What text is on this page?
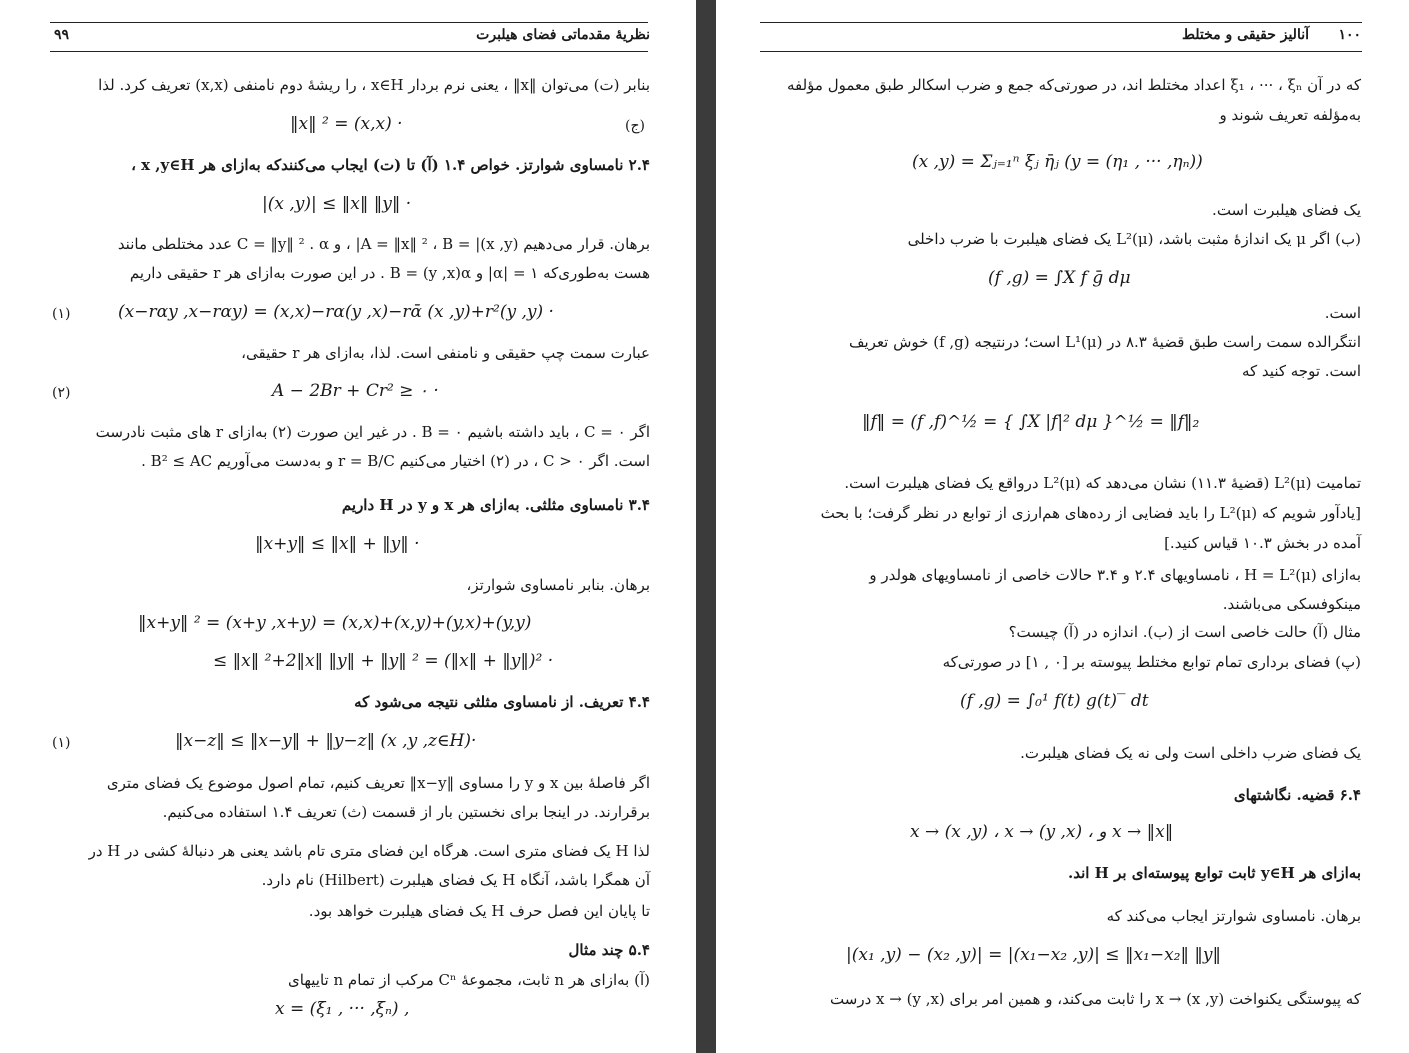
نظریهٔ مقدماتی فضای هیلبرت
۹۹
بنابر (ت) می‌توان ‖x‖ ، یعنی نرم بردار x∈H ، را ریشهٔ دوم نامنفی (x,x) تعریف کرد. لذا
‖x‖ ² = (x,x) ·	(ج)
۲.۴ نامساوی شوارتز. خواص ۱.۴ (آ) تا (ت) ایجاب می‌کنندکه به‌ازای هر x ,y∈H ،
|(x ,y)| ≤ ‖x‖ ‖y‖ ·
برهان. قرار می‌دهیم A = ‖x‖ ² ، B = |(x ,y)| ، و C = ‖y‖ ² . α عدد مختلطی مانند
هست به‌طوری‌که ۱ = |α| و B = (y ,x)α . در این صورت به‌ازای هر r حقیقی داریم
(x−rαy ,x−rαy) = (x,x)−rα(y ,x)−rᾱ (x ,y)+r²(y ,y) ·
(۱)
عبارت سمت چپ حقیقی و نامنفی است. لذا، به‌ازای هر r حقیقی،
A − 2Br + Cr² ≥ ۰ ·
(۲)
اگر C = ۰ ، باید داشته باشیم B = ۰ . در غیر این صورت (۲) به‌ازای r های مثبت نادرست
است. اگر C > ۰ ، در (۲) اختیار می‌کنیم r = B/C و به‌دست می‌آوریم B² ≤ AC .
۳.۴ نامساوی مثلثی. به‌ازای هر x و y در H داریم
‖x+y‖ ≤ ‖x‖ + ‖y‖ ·
برهان. بنابر نامساوی شوارتز،
‖x+y‖ ² = (x+y ,x+y) = (x,x)+(x,y)+(y,x)+(y,y)
≤ ‖x‖ ²+2‖x‖ ‖y‖ + ‖y‖ ² = (‖x‖ + ‖y‖)² ·
۴.۴ تعریف. از نامساوی مثلثی نتیجه می‌شود که
‖x−z‖ ≤ ‖x−y‖ + ‖y−z‖ (x ,y ,z∈H)·
(۱)
اگر فاصلهٔ بین x و y را مساوی ‖x−y‖ تعریف کنیم، تمام اصول موضوع یک فضای متری
برقرارند. در اینجا برای نخستین بار از قسمت (ث) تعریف ۱.۴ استفاده می‌کنیم.
لذا H یک فضای متری است. هرگاه این فضای متری تام باشد یعنی هر دنبالهٔ کشی در H در
آن همگرا باشد، آنگاه H یک فضای هیلبرت (Hilbert) نام دارد.
تا پایان این فصل حرف H یک فضای هیلبرت خواهد بود.
۵.۴ چند مثال
(آ) به‌ازای هر n ثابت، مجموعهٔ Cⁿ مرکب از تمام n تاییهای
x = (ξ₁ , ··· ,ξₙ) ,
۱۰۰
آنالیز حقیقی و مختلط
که در آن ξ₁ ، ··· ، ξₙ اعداد مختلط اند، در صورتی‌که جمع و ضرب اسکالر طبق معمول مؤلفه
به‌مؤلفه تعریف شوند و
(x ,y) = Σⱼ₌₁ⁿ ξⱼ η̄ⱼ (y = (η₁ , ··· ,ηₙ))
یک فضای هیلبرت است.
(ب) اگر μ یک اندازهٔ مثبت باشد، L²(μ) یک فضای هیلبرت با ضرب داخلی
(f ,g) = ∫X f ḡ dμ
است.
انتگرالده سمت راست طبق قضیهٔ ۸.۳ در L¹(μ) است؛ درنتیجه (f ,g) خوش تعریف
است. توجه کنید که
‖f‖ = (f ,f)^½ = { ∫X |f|² dμ }^½ = ‖f‖₂
تمامیت L²(μ) (قضیهٔ ۱۱.۳) نشان می‌دهد که L²(μ) درواقع یک فضای هیلبرت است.
[یادآور شویم که L²(μ) را باید فضایی از رده‌های هم‌ارزی از توابع در نظر گرفت؛ با بحث
آمده در بخش ۱۰.۳ قیاس کنید.]
به‌ازای H = L²(μ) ، نامساویهای ۲.۴ و ۳.۴ حالات خاصی از نامساویهای هولدر و
مینکوفسکی می‌باشند.
مثال (آ) حالت خاصی است از (ب). اندازه در (آ) چیست؟
(پ) فضای برداری تمام توابع مختلط پیوسته بر [۰ , ۱] در صورتی‌که
(f ,g) = ∫₀¹ f(t) g(t)‾ dt
یک فضای ضرب داخلی است ولی نه یک فضای هیلبرت.
۶.۴ قضیه. نگاشتهای
x → (x ,y) ، x → (y ,x) ، و x → ‖x‖
به‌ازای هر y∈H ثابت توابع پیوسته‌ای بر H اند.
برهان. نامساوی شوارتز ایجاب می‌کند که
|(x₁ ,y) − (x₂ ,y)| = |(x₁−x₂ ,y)| ≤ ‖x₁−x₂‖ ‖y‖
که پیوستگی یکنواخت x → (x ,y) را ثابت می‌کند، و همین امر برای x → (y ,x) درست
